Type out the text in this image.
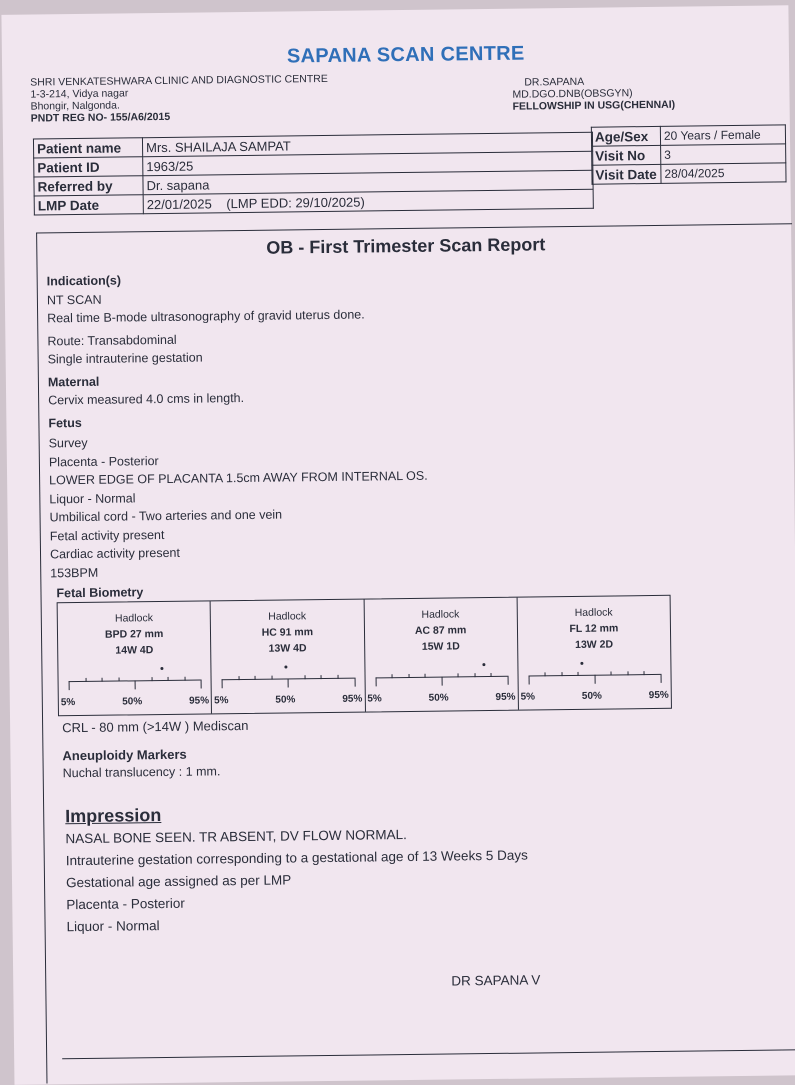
SAPANA SCAN CENTRE
SHRI VENKATESHWARA CLINIC AND DIAGNOSTIC CENTRE
1-3-214, Vidya nagar
Bhongir, Nalgonda.
PNDT REG NO- 155/A6/2015
DR.SAPANA
MD.DGO.DNB(OBSGYN)
FELLOWSHIP IN USG(CHENNAI)
Patient name	Mrs. SHAILAJA SAMPAT
Patient ID	1963/25
Referred by	Dr. sapana
LMP Date	22/01/2025 (LMP EDD: 29/10/2025)
Age/Sex	20 Years / Female
Visit No	3
Visit Date	28/04/2025
OB - First Trimester Scan Report
Indication(s)
NT SCAN
Real time B-mode ultrasonography of gravid uterus done.
Route: Transabdominal
Single intrauterine gestation
Maternal
Cervix measured 4.0 cms in length.
Fetus
Survey
Placenta - Posterior
LOWER EDGE OF PLACANTA 1.5cm AWAY FROM INTERNAL OS.
Liquor - Normal
Umbilical cord - Two arteries and one vein
Fetal activity present
Cardiac activity present
153BPM
Fetal Biometry
Hadlock
BPD 27 mm
14W 4D
5%	50%	95%
Hadlock
HC 91 mm
13W 4D
5%	50%	95%
Hadlock
AC 87 mm
15W 1D
5%	50%	95%
Hadlock
FL 12 mm
13W 2D
5%	50%	95%
CRL - 80 mm (>14W ) Mediscan
Aneuploidy Markers
Nuchal translucency : 1 mm.
Impression
NASAL BONE SEEN. TR ABSENT, DV FLOW NORMAL.
Intrauterine gestation corresponding to a gestational age of 13 Weeks 5 Days
Gestational age assigned as per LMP
Placenta - Posterior
Liquor - Normal
DR SAPANA V
